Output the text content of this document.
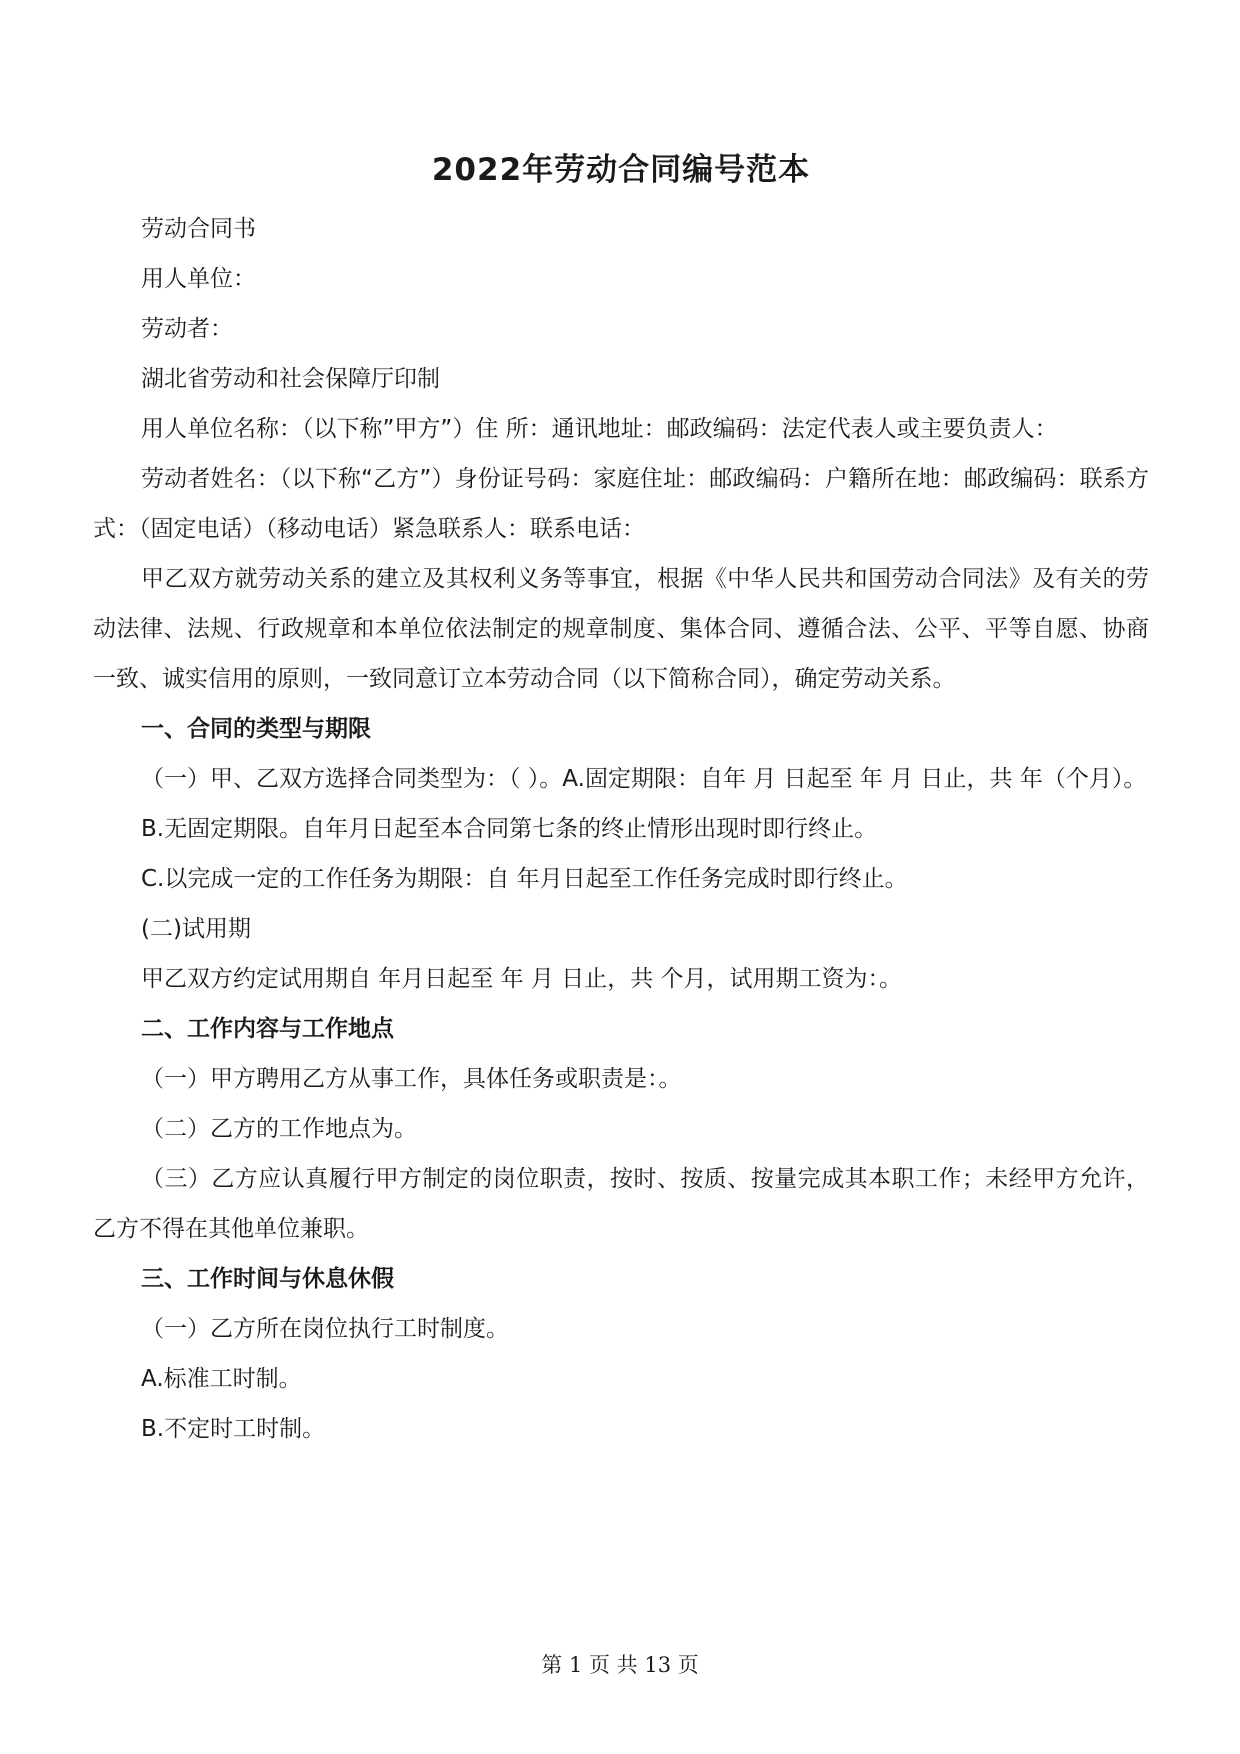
2022年劳动合同编号范本

劳动合同书

用人单位：

劳动者：

湖北省劳动和社会保障厅印制

用人单位名称：（以下称”甲方”）住 所：通讯地址：邮政编码：法定代表人或主要负责人：

劳动者姓名：（以下称“乙方”）身份证号码：家庭住址：邮政编码：户籍所在地：邮政编码：联系方式：（固定电话）（移动电话）紧急联系人：联系电话：

甲乙双方就劳动关系的建立及其权利义务等事宜，根据《中华人民共和国劳动合同法》及有关的劳动法律、法规、行政规章和本单位依法制定的规章制度、集体合同、遵循合法、公平、平等自愿、协商一致、诚实信用的原则，一致同意订立本劳动合同（以下简称合同），确定劳动关系。

一、合同的类型与期限

（一）甲、乙双方选择合同类型为：（ ）。A.固定期限：自年 月 日起至 年 月 日止，共 年（个月）。

B.无固定期限。自年月日起至本合同第七条的终止情形出现时即行终止。

C.以完成一定的工作任务为期限：自 年月日起至工作任务完成时即行终止。

(二)试用期

甲乙双方约定试用期自 年月日起至 年 月 日止，共 个月，试用期工资为：。

二、工作内容与工作地点

（一）甲方聘用乙方从事工作，具体任务或职责是：。

（二）乙方的工作地点为。

（三）乙方应认真履行甲方制定的岗位职责，按时、按质、按量完成其本职工作；未经甲方允许，乙方不得在其他单位兼职。

三、工作时间与休息休假

（一）乙方所在岗位执行工时制度。

A.标准工时制。

B.不定时工时制。

第 1 页 共 13 页
